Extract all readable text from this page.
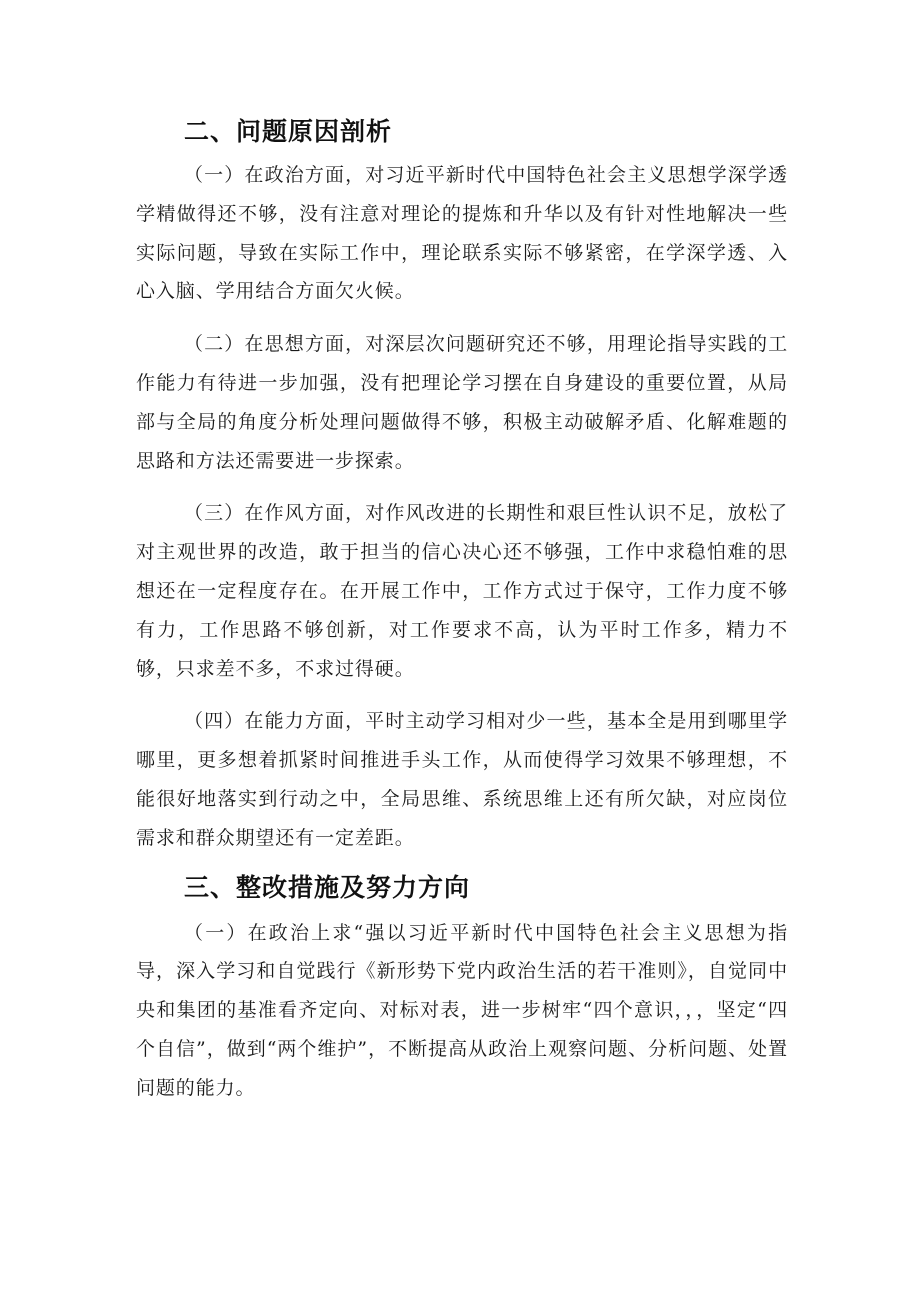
二、问题原因剖析

（一）在政治方面，对习近平新时代中国特色社会主义思想学深学透学精做得还不够，没有注意对理论的提炼和升华以及有针对性地解决一些实际问题，导致在实际工作中，理论联系实际不够紧密，在学深学透、入心入脑、学用结合方面欠火候。

（二）在思想方面，对深层次问题研究还不够，用理论指导实践的工作能力有待进一步加强，没有把理论学习摆在自身建设的重要位置，从局部与全局的角度分析处理问题做得不够，积极主动破解矛盾、化解难题的思路和方法还需要进一步探索。

（三）在作风方面，对作风改进的长期性和艰巨性认识不足，放松了对主观世界的改造，敢于担当的信心决心还不够强，工作中求稳怕难的思想还在一定程度存在。在开展工作中，工作方式过于保守，工作力度不够有力，工作思路不够创新，对工作要求不高，认为平时工作多，精力不够，只求差不多，不求过得硬。

（四）在能力方面，平时主动学习相对少一些，基本全是用到哪里学哪里，更多想着抓紧时间推进手头工作，从而使得学习效果不够理想，不能很好地落实到行动之中，全局思维、系统思维上还有所欠缺，对应岗位需求和群众期望还有一定差距。

三、整改措施及努力方向

（一）在政治上求“强以习近平新时代中国特色社会主义思想为指导，深入学习和自觉践行《新形势下党内政治生活的若干准则》，自觉同中央和集团的基准看齐定向、对标对表，进一步树牢“四个意识，，，坚定“四个自信”，做到“两个维护”，不断提高从政治上观察问题、分析问题、处置问题的能力。
